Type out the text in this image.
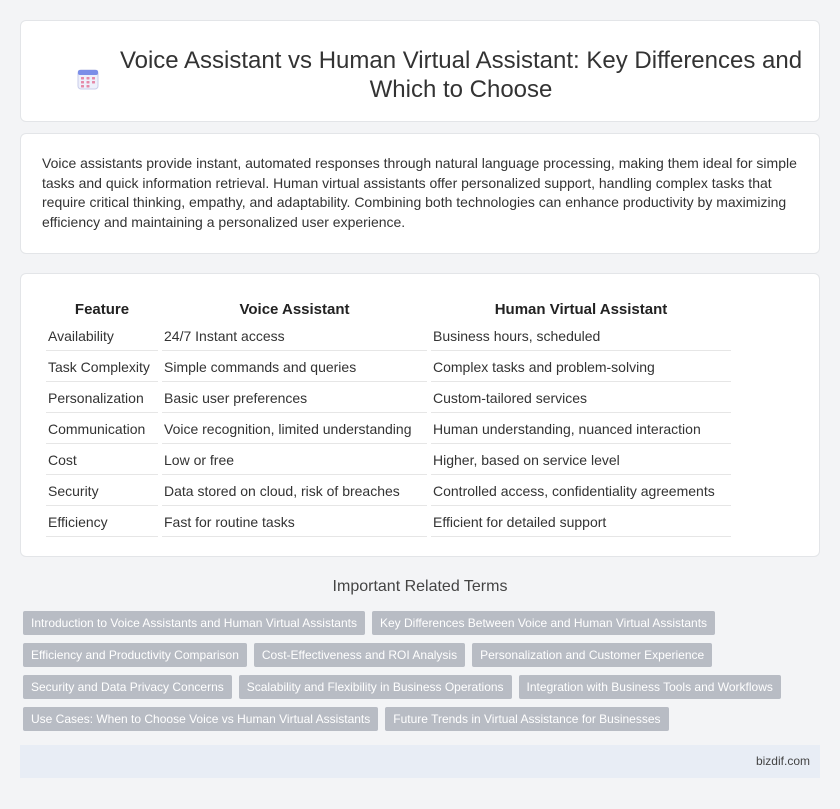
Voice Assistant vs Human Virtual Assistant: Key Differences and Which to Choose

Voice assistants provide instant, automated responses through natural language processing, making them ideal for simple tasks and quick information retrieval. Human virtual assistants offer personalized support, handling complex tasks that require critical thinking, empathy, and adaptability. Combining both technologies can enhance productivity by maximizing efficiency and maintaining a personalized user experience.

Feature	Voice Assistant	Human Virtual Assistant
Availability	24/7 Instant access	Business hours, scheduled
Task Complexity	Simple commands and queries	Complex tasks and problem-solving
Personalization	Basic user preferences	Custom-tailored services
Communication	Voice recognition, limited understanding	Human understanding, nuanced interaction
Cost	Low or free	Higher, based on service level
Security	Data stored on cloud, risk of breaches	Controlled access, confidentiality agreements
Efficiency	Fast for routine tasks	Efficient for detailed support
Important Related Terms
Introduction to Voice Assistants and Human Virtual Assistants	Key Differences Between Voice and Human Virtual Assistants
Efficiency and Productivity Comparison	Cost-Effectiveness and ROI Analysis	Personalization and Customer Experience
Security and Data Privacy Concerns	Scalability and Flexibility in Business Operations	Integration with Business Tools and Workflows
Use Cases: When to Choose Voice vs Human Virtual Assistants	Future Trends in Virtual Assistance for Businesses
bizdif.com
